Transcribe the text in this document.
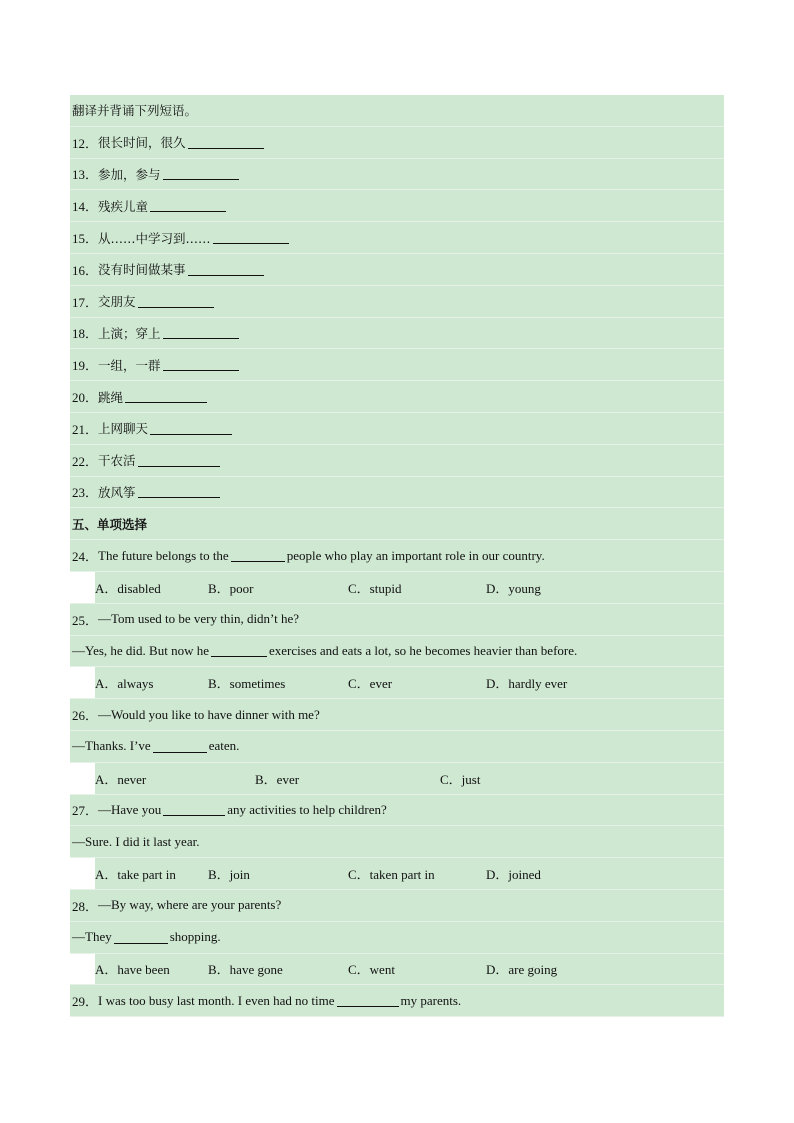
翻译并背诵下列短语。
12． 很长时间，很久
13． 参加，参与
14． 残疾儿童
15． 从……中学习到……
16． 没有时间做某事
17． 交朋友
18． 上演；穿上
19． 一组，一群
20． 跳绳
21． 上网聊天
22． 干农活
23． 放风筝
五、单项选择
24． The future belongs to the	people who play an important role in our country.
A．disabled	B．poor	C．stupid	D．young
25． —Tom used to be very thin, didn’t he?
—Yes, he did. But now he	exercises and eats a lot, so he becomes heavier than before.
A．always	B．sometimes	C．ever	D．hardly ever
26． —Would you like to have dinner with me?
—Thanks. I’ve	eaten.
A．never	B．ever	C．just
27． —Have you	any activities to help children?
—Sure. I did it last year.
A．take part in	B．join	C．taken part in	D．joined
28． —By way, where are your parents?
—They	shopping.
A．have been	B．have gone	C．went	D．are going
29． I was too busy last month. I even had no time	my parents.
